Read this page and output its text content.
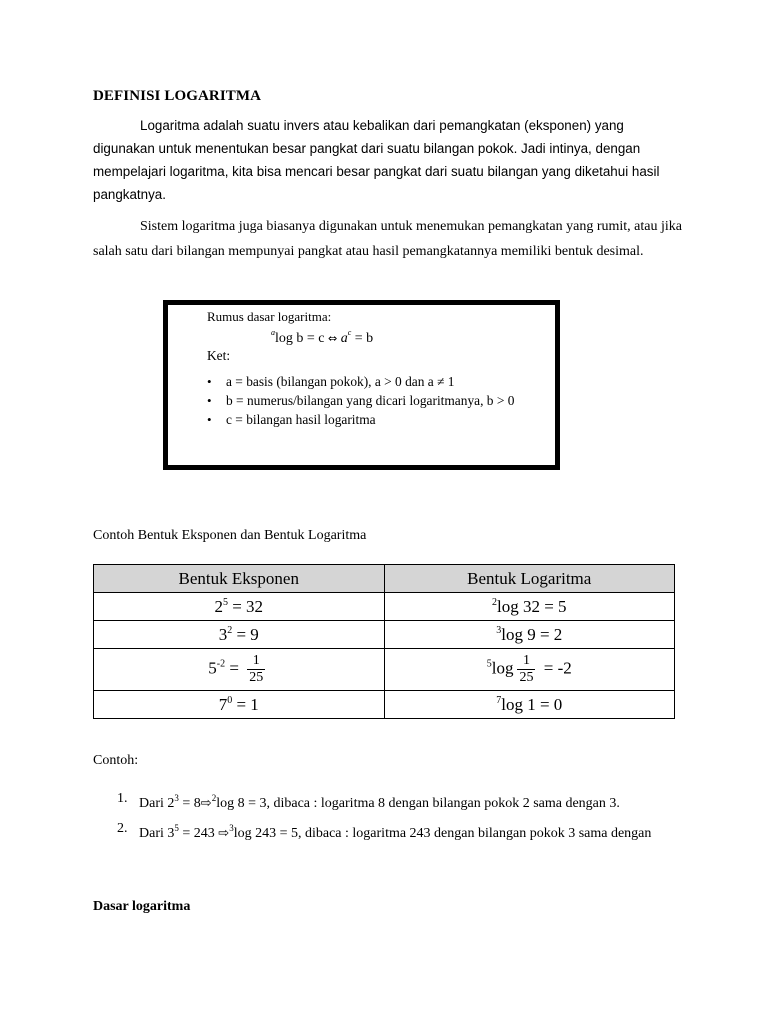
DEFINISI LOGARITMA

Logaritma adalah suatu invers atau kebalikan dari pemangkatan (eksponen) yang digunakan untuk menentukan besar pangkat dari suatu bilangan pokok. Jadi intinya, dengan mempelajari logaritma, kita bisa mencari besar pangkat dari suatu bilangan yang diketahui hasil pangkatnya.

Sistem logaritma juga biasanya digunakan untuk menemukan pemangkatan yang rumit, atau jika salah satu dari bilangan mempunyai pangkat atau hasil pemangkatannya memiliki bentuk desimal.

Rumus dasar logaritma:
$^a$log b = c ⇔ $a^c = b$
Ket:
• a = basis (bilangan pokok), a > 0 dan a ≠ 1
• b = numerus/bilangan yang dicari logaritmanya, b > 0
• c = bilangan hasil logaritma
Contoh Bentuk Eksponen dan Bentuk Logaritma
Bentuk Eksponen	Bentuk Logaritma
$2^5 = 32$	$^2$log 32 = 5
$3^2 = 9$	$^3$log 9 = 2
$5^{-2} = \frac{1}{25}$	$^5\log \frac{1}{25} = -2$
$7^0 = 1$	$^7$log 1 = 0
Contoh:
1. Dari $2^3$ = 8⇨$^2$log 8 = 3, dibaca : logaritma 8 dengan bilangan pokok 2 sama dengan 3.
2. Dari $3^5 = 243$ ⇨$^3$log 243 = 5, dibaca : logaritma 243 dengan bilangan pokok 3 sama dengan
Dasar logaritma
